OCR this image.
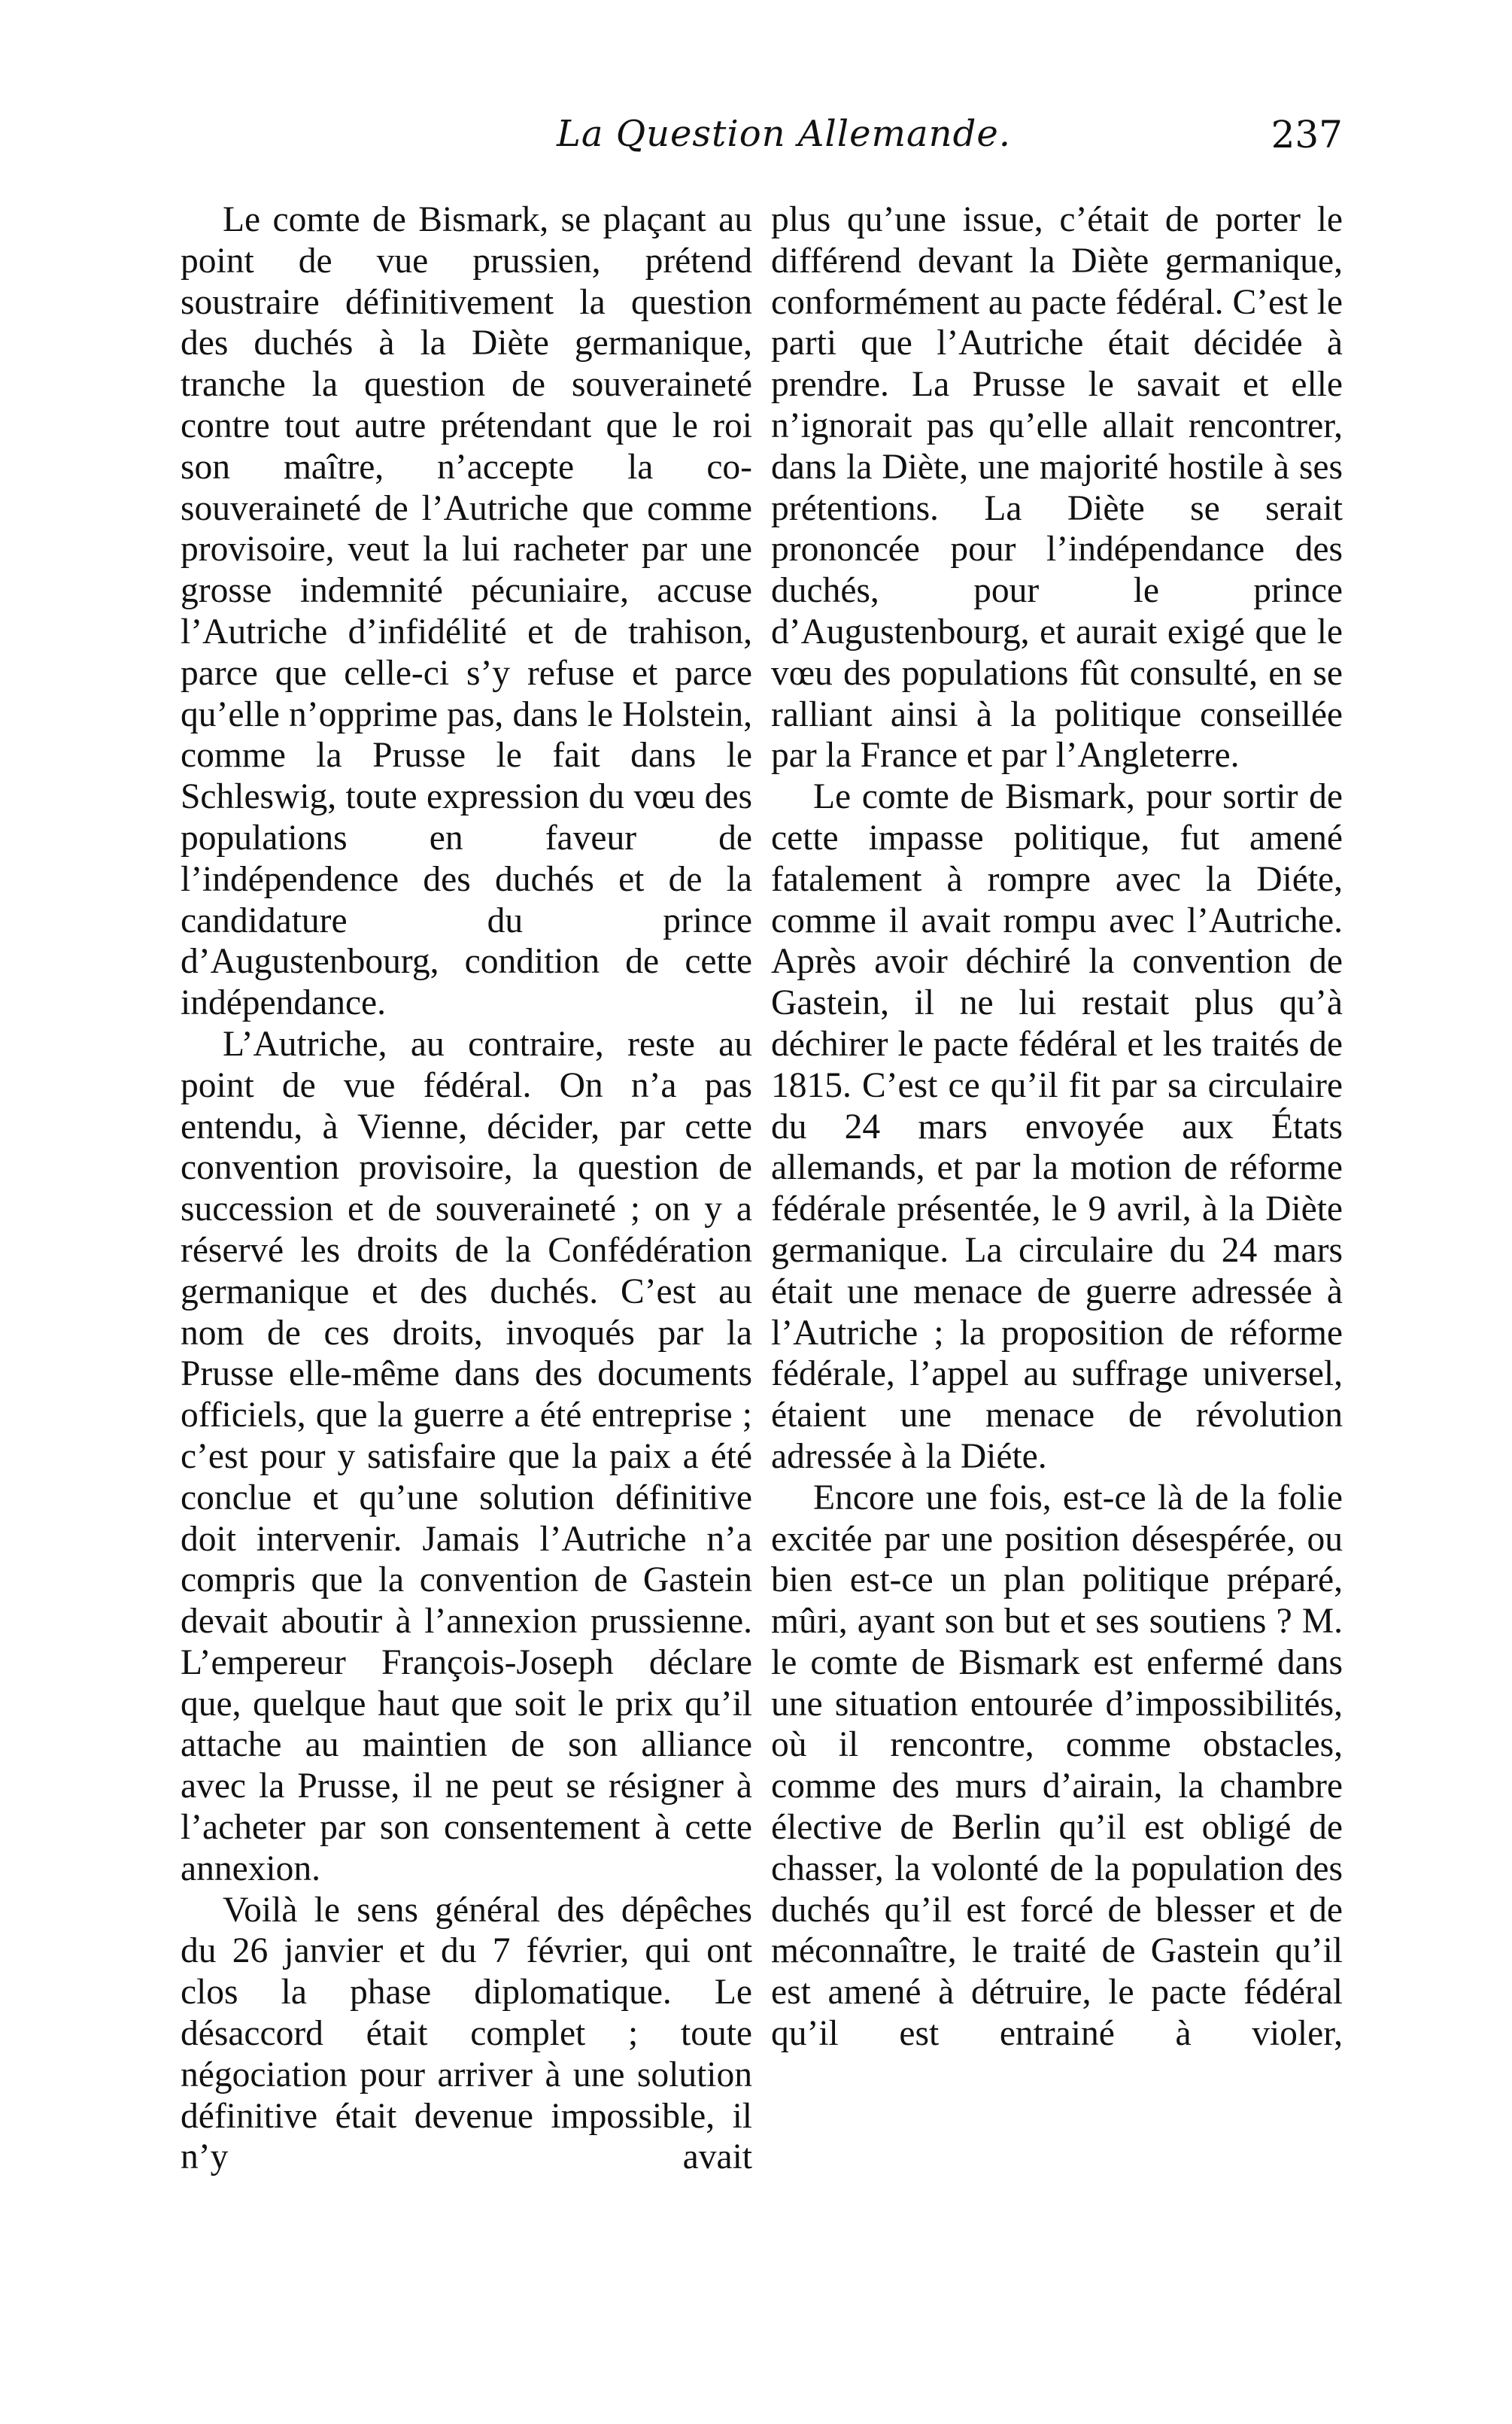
La Question Allemande.	237

Le comte de Bismark, se plaçant au point de vue prussien, prétend soustraire définitivement la question des duchés à la Diète germanique, tranche la question de souveraineté contre tout autre prétendant que le roi son maître, n’accepte la co-souveraineté de l’Autriche que comme provisoire, veut la lui racheter par une grosse indemnité pécuniaire, accuse l’Autriche d’infidélité et de trahison, parce que celle-ci s’y refuse et parce qu’elle n’opprime pas, dans le Holstein, comme la Prusse le fait dans le Schleswig, toute expression du vœu des populations en faveur de l’indépendence des duchés et de la candidature du prince d’Augustenbourg, condition de cette indépendance.

L’Autriche, au contraire, reste au point de vue fédéral. On n’a pas entendu, à Vienne, décider, par cette convention provisoire, la question de succession et de souveraineté ; on y a réservé les droits de la Confédération germanique et des duchés. C’est au nom de ces droits, invoqués par la Prusse elle-même dans des documents officiels, que la guerre a été entreprise ; c’est pour y satisfaire que la paix a été conclue et qu’une solution définitive doit intervenir. Jamais l’Autriche n’a compris que la convention de Gastein devait aboutir à l’annexion prussienne. L’empereur François-Joseph déclare que, quelque haut que soit le prix qu’il attache au maintien de son alliance avec la Prusse, il ne peut se résigner à l’acheter par son consentement à cette annexion.

Voilà le sens général des dépêches du 26 janvier et du 7 février, qui ont clos la phase diplomatique. Le désaccord était complet ; toute négociation pour arriver à une solution définitive était devenue impossible, il n’y avait

plus qu’une issue, c’était de porter le différend devant la Diète germanique, conformément au pacte fédéral. C’est le parti que l’Autriche était décidée à prendre. La Prusse le savait et elle n’ignorait pas qu’elle allait rencontrer, dans la Diète, une majorité hostile à ses prétentions. La Diète se serait prononcée pour l’indépendance des duchés, pour le prince d’Augustenbourg, et aurait exigé que le vœu des populations fût consulté, en se ralliant ainsi à la politique conseillée par la France et par l’Angleterre.

Le comte de Bismark, pour sortir de cette impasse politique, fut amené fatalement à rompre avec la Diéte, comme il avait rompu avec l’Autriche. Après avoir déchiré la convention de Gastein, il ne lui restait plus qu’à déchirer le pacte fédéral et les traités de 1815. C’est ce qu’il fit par sa circulaire du 24 mars envoyée aux États allemands, et par la motion de réforme fédérale présentée, le 9 avril, à la Diète germanique. La circulaire du 24 mars était une menace de guerre adressée à l’Autriche ; la proposition de réforme fédérale, l’appel au suffrage universel, étaient une menace de révolution adressée à la Diéte.

Encore une fois, est-ce là de la folie excitée par une position désespérée, ou bien est-ce un plan politique préparé, mûri, ayant son but et ses soutiens ? M. le comte de Bismark est enfermé dans une situation entourée d’impossibilités, où il rencontre, comme obstacles, comme des murs d’airain, la chambre élective de Berlin qu’il est obligé de chasser, la volonté de la population des duchés qu’il est forcé de blesser et de méconnaître, le traité de Gastein qu’il est amené à détruire, le pacte fédéral qu’il est entrainé à violer,
